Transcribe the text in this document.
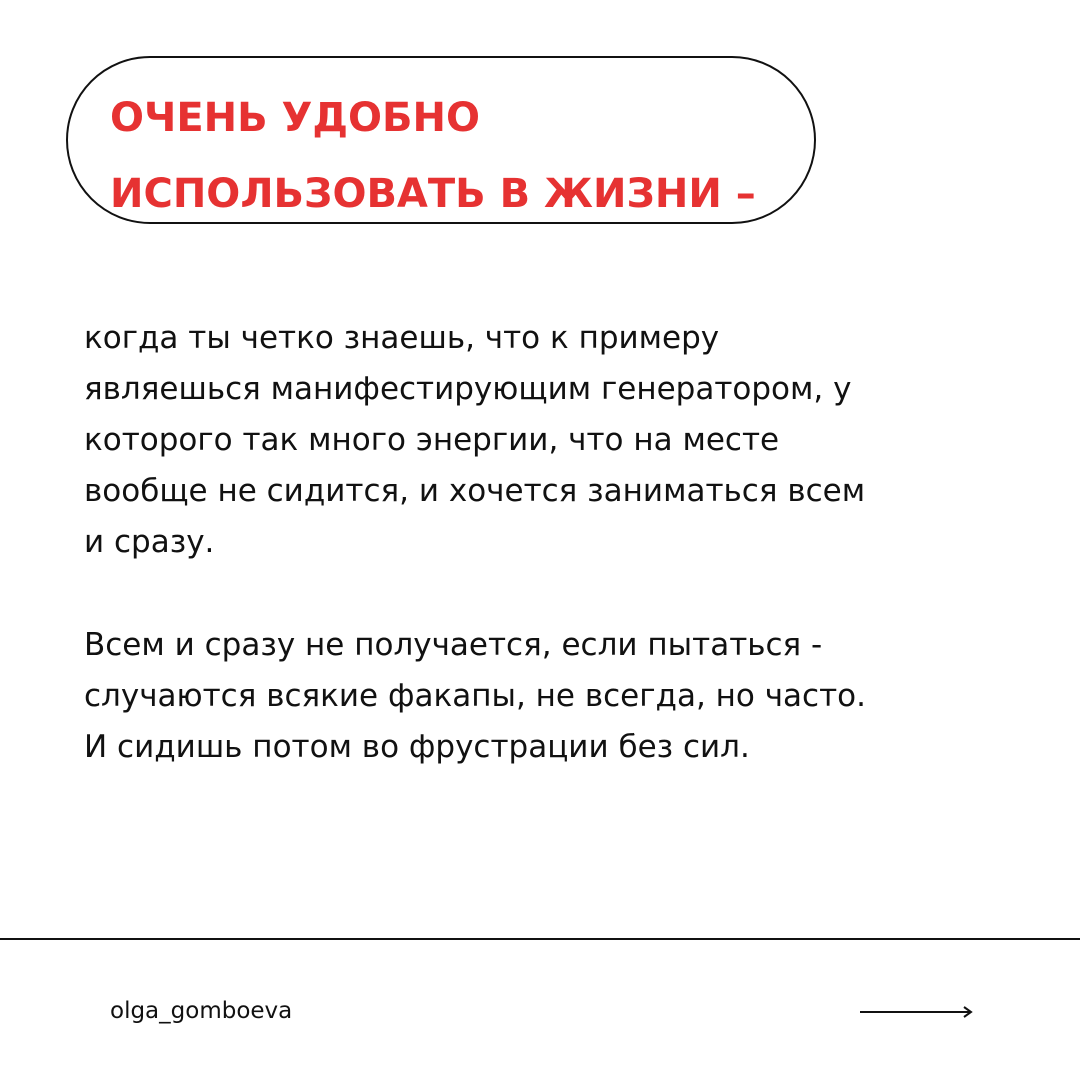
ОЧЕНЬ УДОБНО
ИСПОЛЬЗОВАТЬ В ЖИЗНИ –

когда ты четко знаешь, что к примеру
являешься манифестирующим генератором, у
которого так много энергии, что на месте
вообще не сидится, и хочется заниматься всем
и сразу.

Всем и сразу не получается, если пытаться -
случаются всякие факапы, не всегда, но часто.
И сидишь потом во фрустрации без сил.

olga_gomboeva
